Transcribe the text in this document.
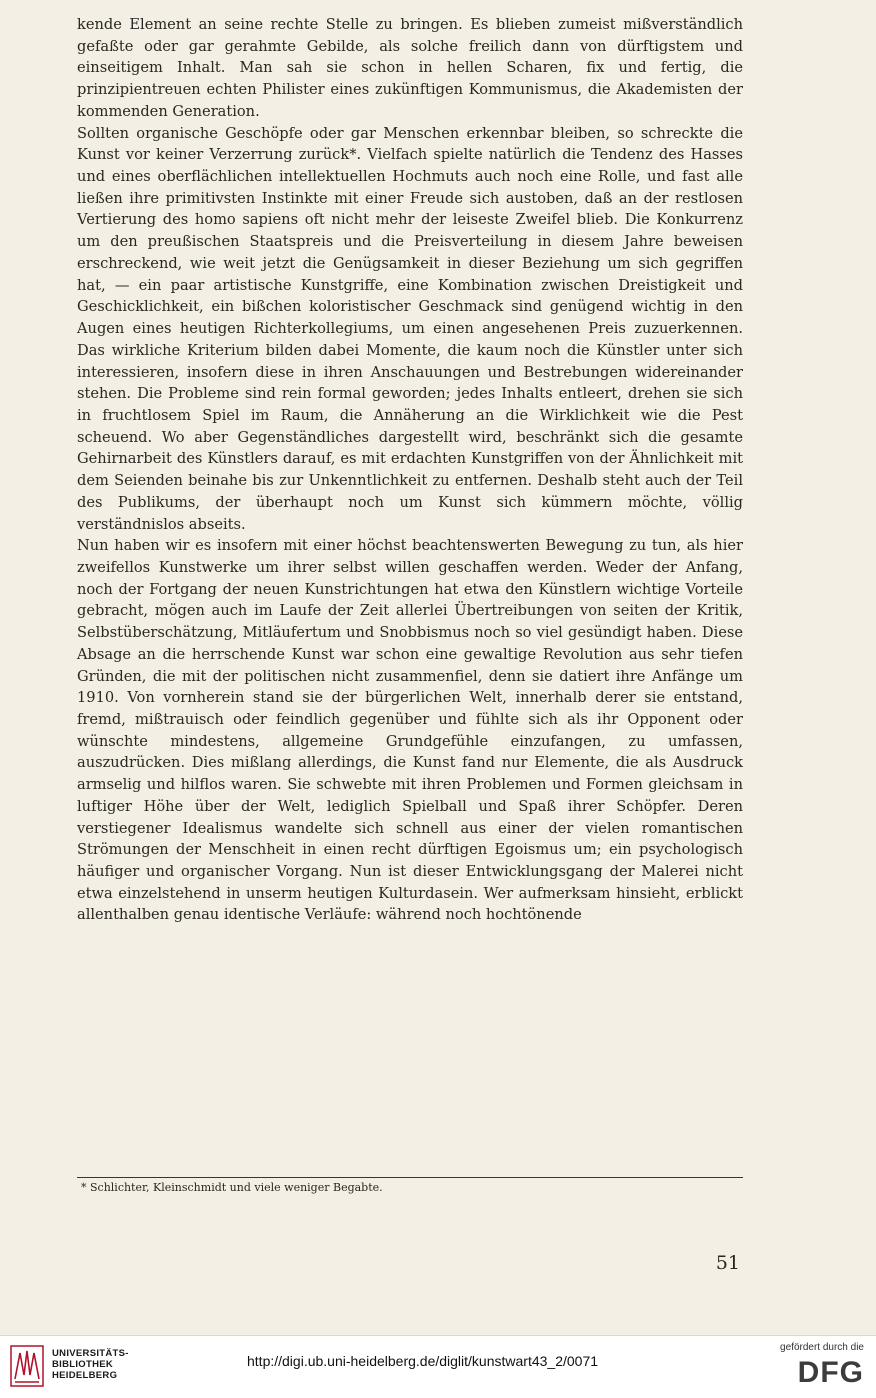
kende Element an seine rechte Stelle zu bringen. Es blieben zumeist mißverständlich gefaßte oder gar gerahmte Gebilde, als solche freilich dann von dürftigstem und einseitigem Inhalt. Man sah sie schon in hellen Scharen, fix und fertig, die prinzipientreuen echten Philister eines zukünftigen Kommunismus, die Akademisten der kommenden Generation.

Sollten organische Geschöpfe oder gar Menschen erkennbar bleiben, so schreckte die Kunst vor keiner Verzerrung zurück*. Vielfach spielte natürlich die Tendenz des Hasses und eines oberflächlichen intellektuellen Hochmuts auch noch eine Rolle, und fast alle ließen ihre primitivsten Instinkte mit einer Freude sich austoben, daß an der restlosen Vertierung des homo sapiens oft nicht mehr der leiseste Zweifel blieb. Die Konkurrenz um den preußischen Staatspreis und die Preisverteilung in diesem Jahre beweisen erschreckend, wie weit jetzt die Genügsamkeit in dieser Beziehung um sich gegriffen hat, — ein paar artistische Kunstgriffe, eine Kombination zwischen Dreistigkeit und Geschicklichkeit, ein bißchen koloristischer Geschmack sind genügend wichtig in den Augen eines heutigen Richterkollegiums, um einen angesehenen Preis zuzuerkennen. Das wirkliche Kriterium bilden dabei Momente, die kaum noch die Künstler unter sich interessieren, insofern diese in ihren Anschauungen und Bestrebungen widereinander stehen. Die Probleme sind rein formal geworden; jedes Inhalts entleert, drehen sie sich in fruchtlosem Spiel im Raum, die Annäherung an die Wirklichkeit wie die Pest scheuend. Wo aber Gegenständliches dargestellt wird, beschränkt sich die gesamte Gehirnarbeit des Künstlers darauf, es mit erdachten Kunstgriffen von der Ähnlichkeit mit dem Seienden beinahe bis zur Unkenntlichkeit zu entfernen. Deshalb steht auch der Teil des Publikums, der überhaupt noch um Kunst sich kümmern möchte, völlig verständnislos abseits.

Nun haben wir es insofern mit einer höchst beachtenswerten Bewegung zu tun, als hier zweifellos Kunstwerke um ihrer selbst willen geschaffen werden. Weder der Anfang, noch der Fortgang der neuen Kunstrichtungen hat etwa den Künstlern wichtige Vorteile gebracht, mögen auch im Laufe der Zeit allerlei Übertreibungen von seiten der Kritik, Selbstüberschätzung, Mitläufertum und Snobbismus noch so viel gesündigt haben. Diese Absage an die herrschende Kunst war schon eine gewaltige Revolution aus sehr tiefen Gründen, die mit der politischen nicht zusammenfiel, denn sie datiert ihre Anfänge um 1910. Von vornherein stand sie der bürgerlichen Welt, innerhalb derer sie entstand, fremd, mißtrauisch oder feindlich gegenüber und fühlte sich als ihr Opponent oder wünschte mindestens, allgemeine Grundgefühle einzufangen, zu umfassen, auszudrücken. Dies mißlang allerdings, die Kunst fand nur Elemente, die als Ausdruck armselig und hilflos waren. Sie schwebte mit ihren Problemen und Formen gleichsam in luftiger Höhe über der Welt, lediglich Spielball und Spaß ihrer Schöpfer. Deren verstiegener Idealismus wandelte sich schnell aus einer der vielen romantischen Strömungen der Menschheit in einen recht dürftigen Egoismus um; ein psychologisch häufiger und organischer Vorgang. Nun ist dieser Entwicklungsgang der Malerei nicht etwa einzelstehend in unserm heutigen Kulturdasein. Wer aufmerksam hinsieht, erblickt allenthalben genau identische Verläufe: während noch hochtönende

* Schlichter, Kleinschmidt und viele weniger Begabte.
51
UNIVERSITÄTS-
BIBLIOTHEK
HEIDELBERG
http://digi.ub.uni-heidelberg.de/diglit/kunstwart43_2/0071
gefördert durch die
DFG
